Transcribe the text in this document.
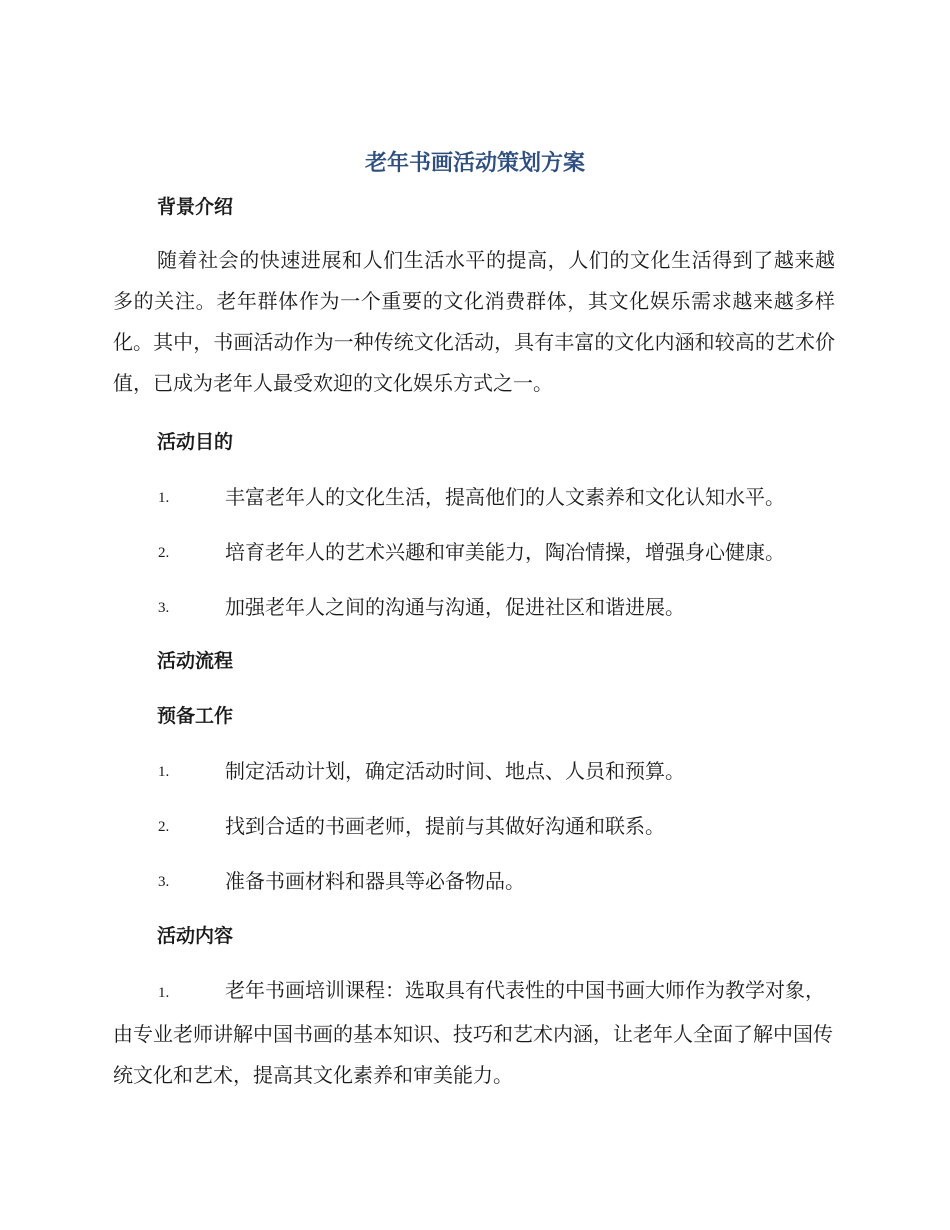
老年书画活动策划方案
背景介绍
随着社会的快速进展和人们生活水平的提高，人们的文化生活得到了越来越多的关注。老年群体作为一个重要的文化消费群体，其文化娱乐需求越来越多样化。其中，书画活动作为一种传统文化活动，具有丰富的文化内涵和较高的艺术价值，已成为老年人最受欢迎的文化娱乐方式之一。
活动目的
1.	丰富老年人的文化生活，提高他们的人文素养和文化认知水平。
2.	培育老年人的艺术兴趣和审美能力，陶冶情操，增强身心健康。
3.	加强老年人之间的沟通与沟通，促进社区和谐进展。
活动流程
预备工作
1.	制定活动计划，确定活动时间、地点、人员和预算。
2.	找到合适的书画老师，提前与其做好沟通和联系。
3.	准备书画材料和器具等必备物品。
活动内容
1.	老年书画培训课程：选取具有代表性的中国书画大师作为教学对象，由专业老师讲解中国书画的基本知识、技巧和艺术内涵，让老年人全面了解中国传统文化和艺术，提高其文化素养和审美能力。
